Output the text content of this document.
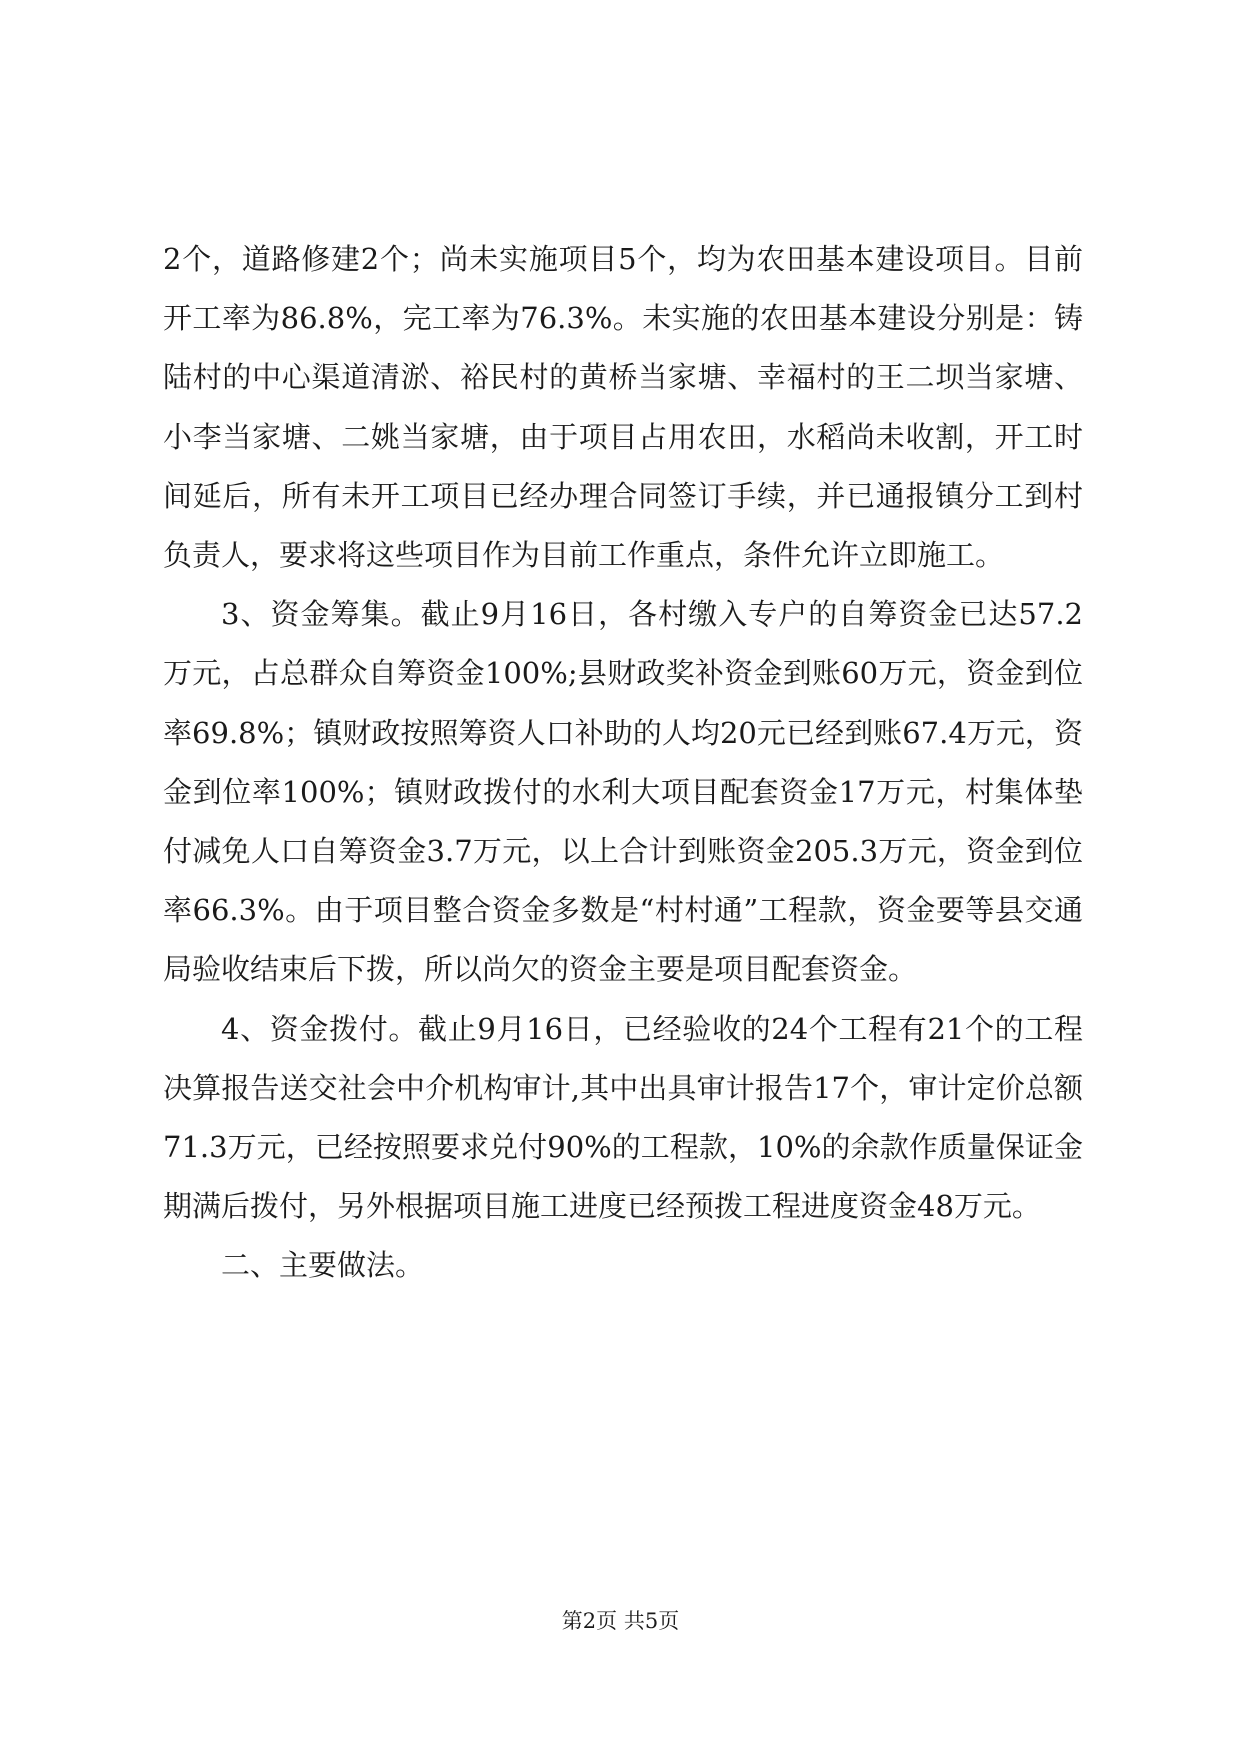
2个，道路修建2个；尚未实施项目5个，均为农田基本建设项目。目前开工率为86.8%，完工率为76.3%。未实施的农田基本建设分别是：铸陆村的中心渠道清淤、裕民村的黄桥当家塘、幸福村的王二坝当家塘、小李当家塘、二姚当家塘，由于项目占用农田，水稻尚未收割，开工时间延后，所有未开工项目已经办理合同签订手续，并已通报镇分工到村负责人，要求将这些项目作为目前工作重点，条件允许立即施工。

3、资金筹集。截止9月16日，各村缴入专户的自筹资金已达57.2万元，占总群众自筹资金100%;县财政奖补资金到账60万元，资金到位率69.8%；镇财政按照筹资人口补助的人均20元已经到账67.4万元，资金到位率100%；镇财政拨付的水利大项目配套资金17万元，村集体垫付减免人口自筹资金3.7万元，以上合计到账资金205.3万元，资金到位率66.3%。由于项目整合资金多数是“村村通”工程款，资金要等县交通局验收结束后下拨，所以尚欠的资金主要是项目配套资金。

4、资金拨付。截止9月16日，已经验收的24个工程有21个的工程决算报告送交社会中介机构审计,其中出具审计报告17个，审计定价总额71.3万元，已经按照要求兑付90%的工程款，10%的余款作质量保证金期满后拨付，另外根据项目施工进度已经预拨工程进度资金48万元。

二、主要做法。

第2页 共5页
